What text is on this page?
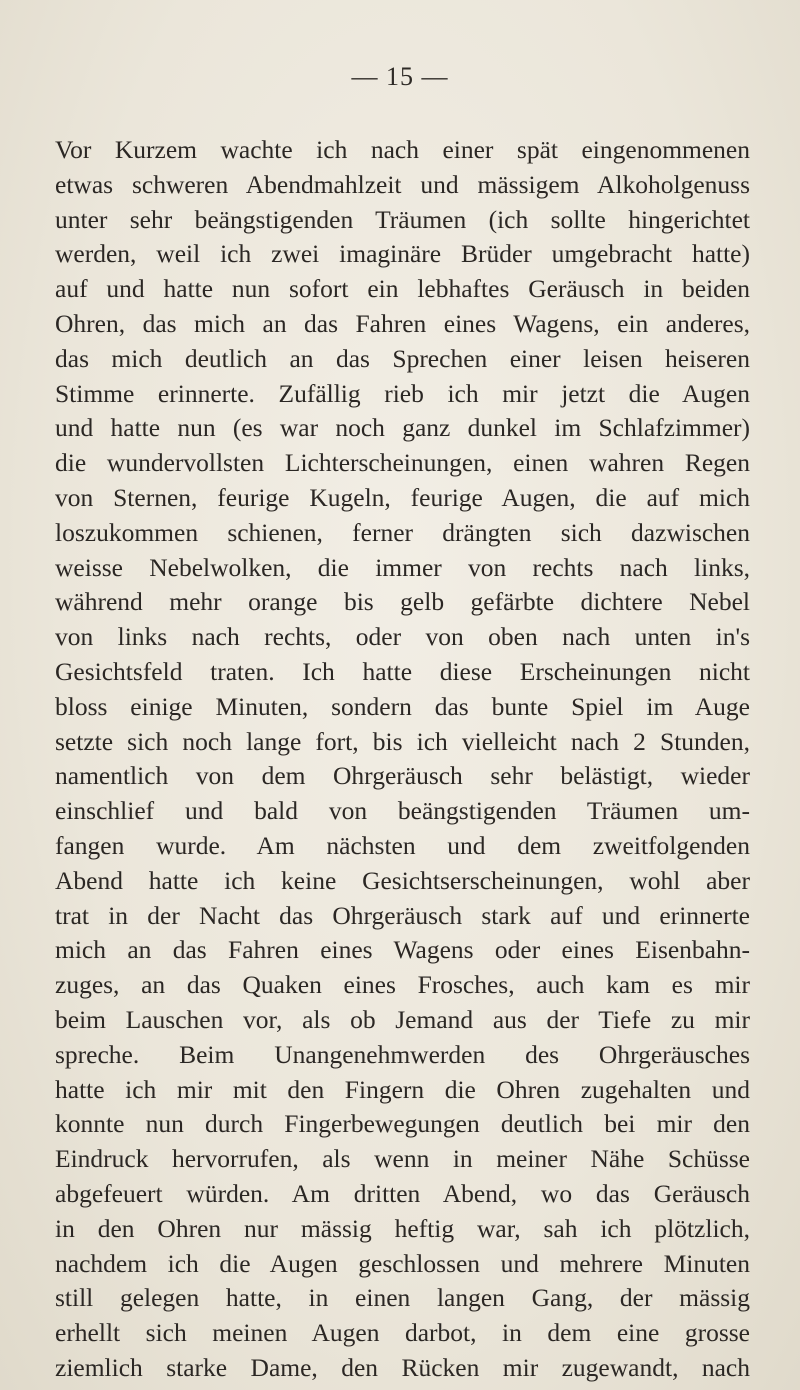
— 15 —
Vor Kurzem wachte ich nach einer spät eingenommenen
etwas schweren Abendmahlzeit und mässigem Alkoholgenuss
unter sehr beängstigenden Träumen (ich sollte hingerichtet
werden, weil ich zwei imaginäre Brüder umgebracht hatte)
auf und hatte nun sofort ein lebhaftes Geräusch in beiden
Ohren, das mich an das Fahren eines Wagens, ein anderes,
das mich deutlich an das Sprechen einer leisen heiseren
Stimme erinnerte. Zufällig rieb ich mir jetzt die Augen
und hatte nun (es war noch ganz dunkel im Schlafzimmer)
die wundervollsten Lichterscheinungen, einen wahren Regen
von Sternen, feurige Kugeln, feurige Augen, die auf mich
loszukommen schienen, ferner drängten sich dazwischen
weisse Nebelwolken, die immer von rechts nach links,
während mehr orange bis gelb gefärbte dichtere Nebel
von links nach rechts, oder von oben nach unten in's
Gesichtsfeld traten. Ich hatte diese Erscheinungen nicht
bloss einige Minuten, sondern das bunte Spiel im Auge
setzte sich noch lange fort, bis ich vielleicht nach 2 Stunden,
namentlich von dem Ohrgeräusch sehr belästigt, wieder
einschlief und bald von beängstigenden Träumen um-
fangen wurde. Am nächsten und dem zweitfolgenden
Abend hatte ich keine Gesichtserscheinungen, wohl aber
trat in der Nacht das Ohrgeräusch stark auf und erinnerte
mich an das Fahren eines Wagens oder eines Eisenbahn-
zuges, an das Quaken eines Frosches, auch kam es mir
beim Lauschen vor, als ob Jemand aus der Tiefe zu mir
spreche. Beim Unangenehmwerden des Ohrgeräusches
hatte ich mir mit den Fingern die Ohren zugehalten und
konnte nun durch Fingerbewegungen deutlich bei mir den
Eindruck hervorrufen, als wenn in meiner Nähe Schüsse
abgefeuert würden. Am dritten Abend, wo das Geräusch
in den Ohren nur mässig heftig war, sah ich plötzlich,
nachdem ich die Augen geschlossen und mehrere Minuten
still gelegen hatte, in einen langen Gang, der mässig
erhellt sich meinen Augen darbot, in dem eine grosse
ziemlich starke Dame, den Rücken mir zugewandt, nach
